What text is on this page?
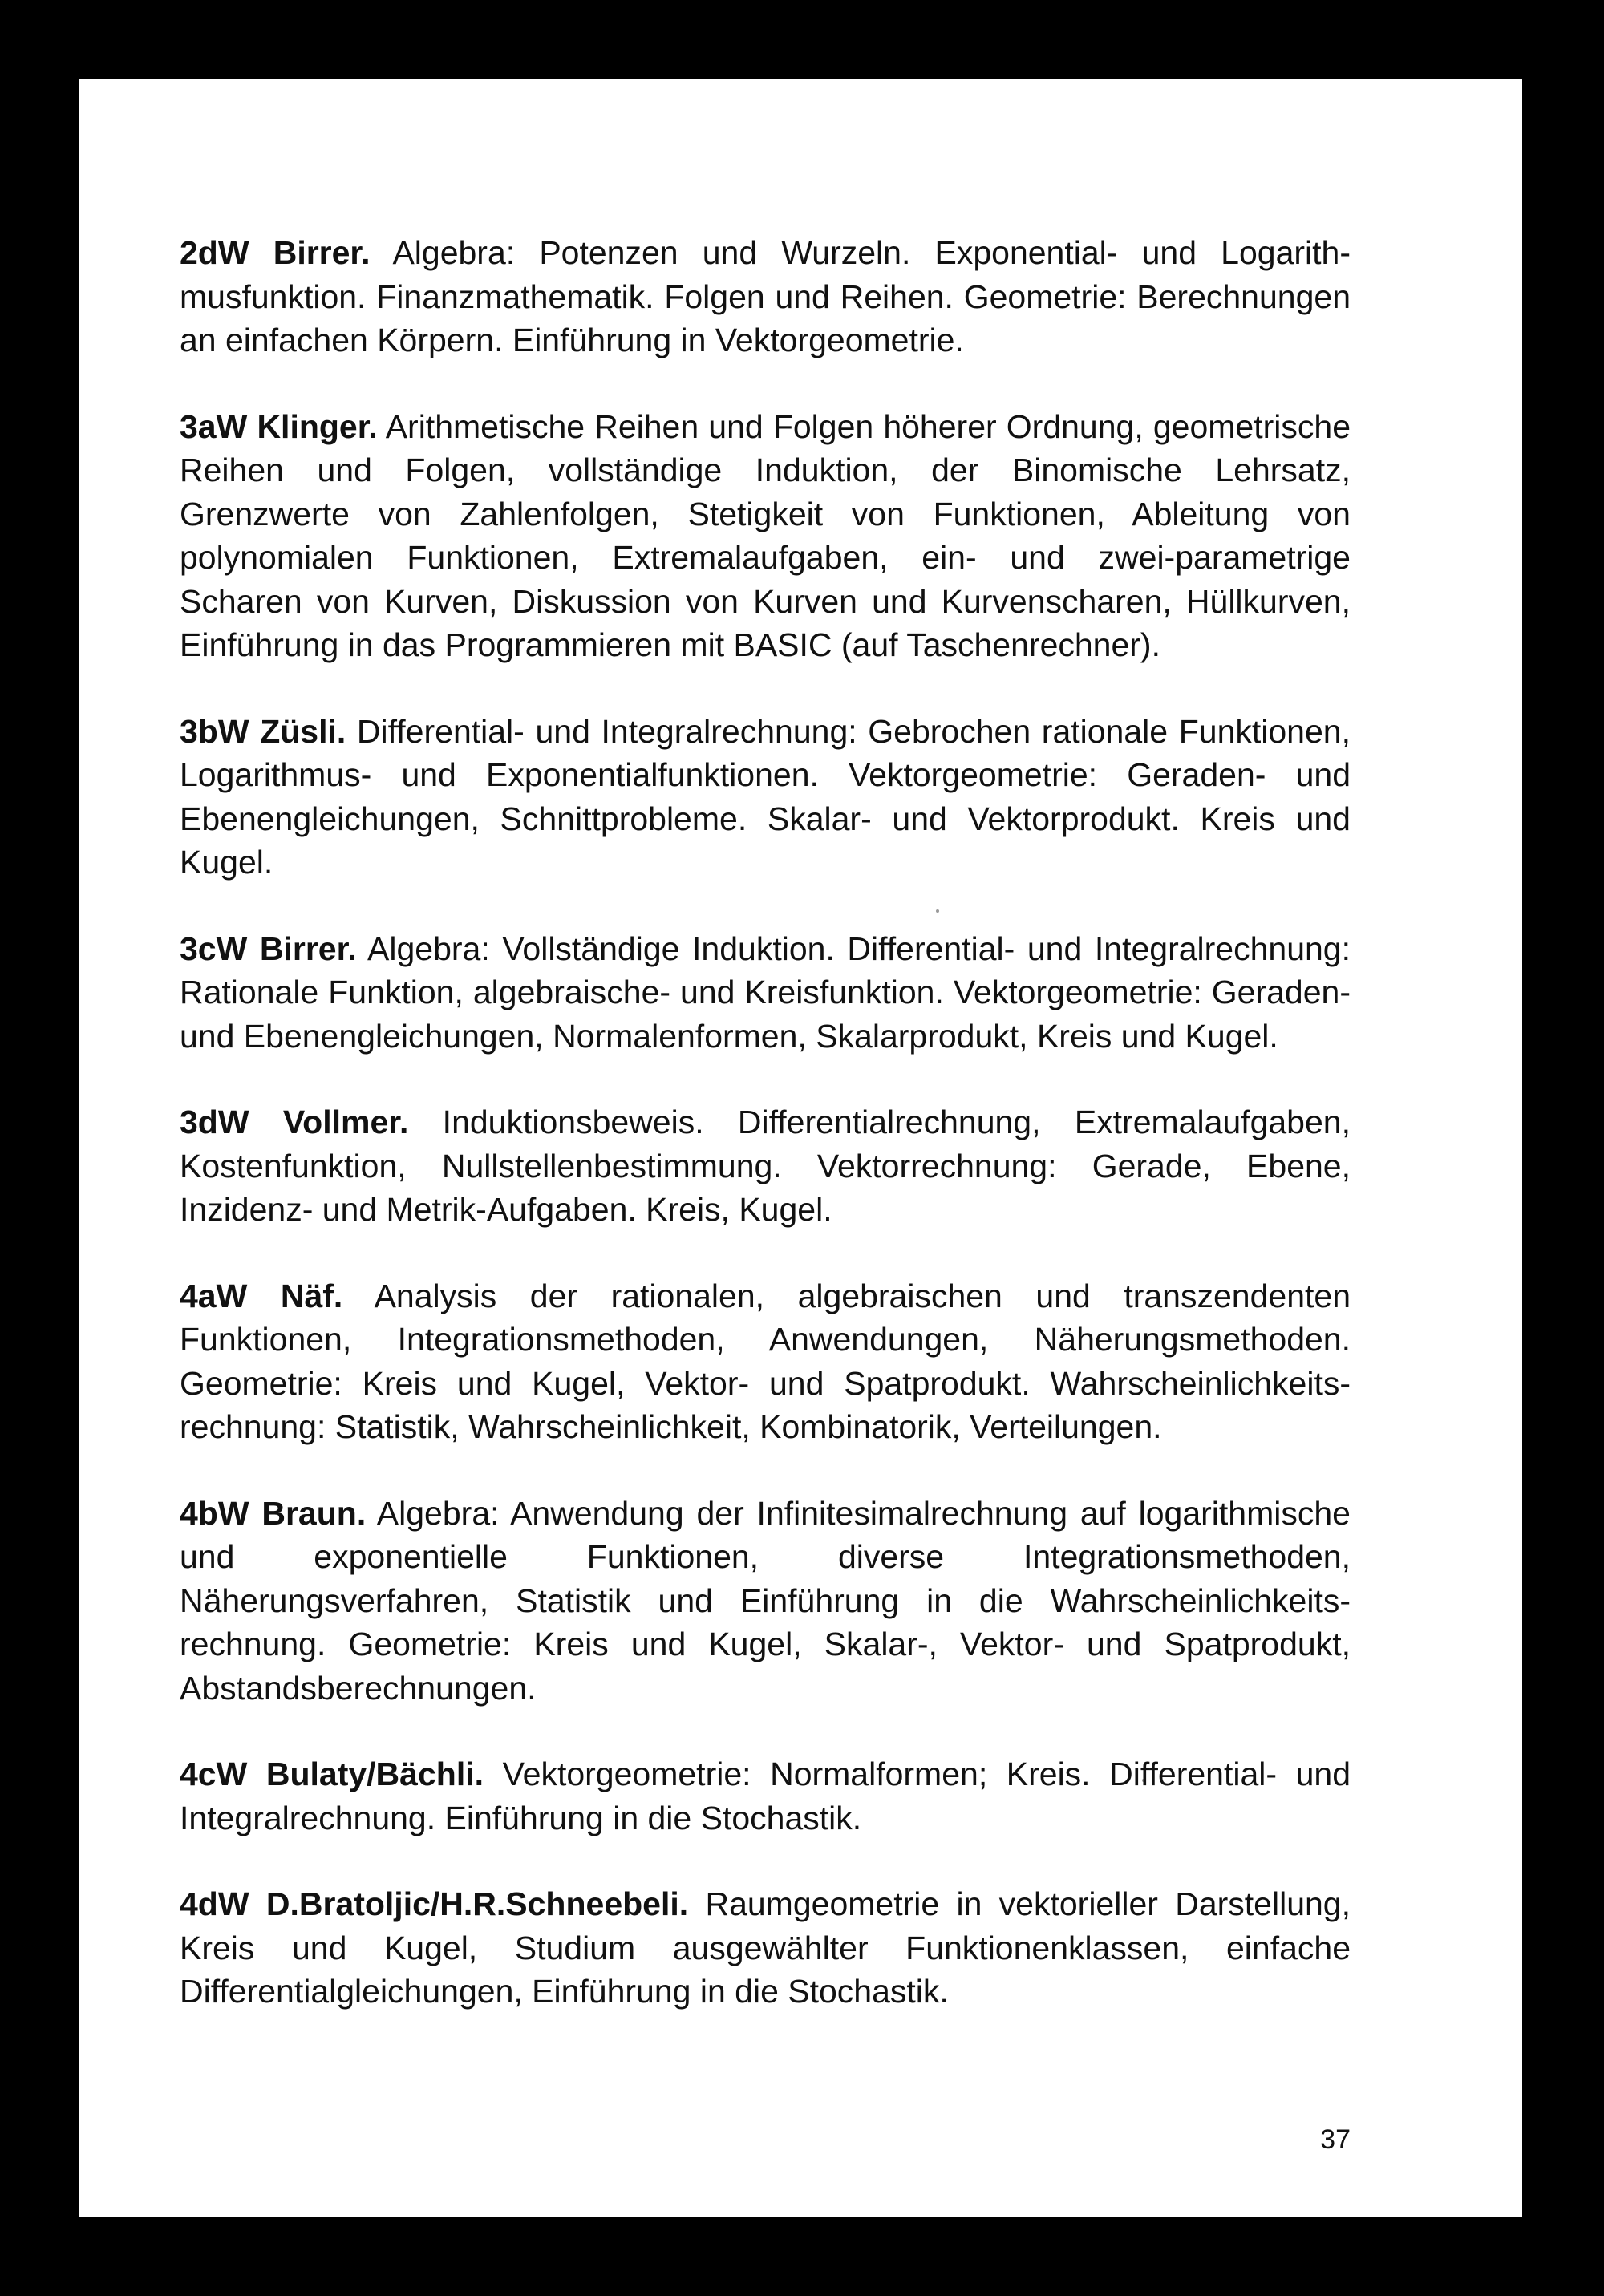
2dW Birrer. Algebra: Potenzen und Wurzeln. Exponential- und Logarithmusfunktion. Finanzmathematik. Folgen und Reihen. Geometrie: Berechnungen an einfachen Körpern. Einführung in Vektorgeometrie.

3aW Klinger. Arithmetische Reihen und Folgen höherer Ordnung, geometrische Reihen und Folgen, vollständige Induktion, der Binomische Lehrsatz, Grenzwerte von Zahlenfolgen, Stetigkeit von Funktionen, Ableitung von polynomialen Funktionen, Extremalaufgaben, ein- und zwei-parametrige Scharen von Kurven, Diskussion von Kurven und Kurvenscharen, Hüllkurven, Einführung in das Programmieren mit BASIC (auf Taschenrechner).

3bW Züsli. Differential- und Integralrechnung: Gebrochen rationale Funktionen, Logarithmus- und Exponentialfunktionen. Vektorgeometrie: Geraden- und Ebenengleichungen, Schnittprobleme. Skalar- und Vektorprodukt. Kreis und Kugel.

3cW Birrer. Algebra: Vollständige Induktion. Differential- und Integralrechnung: Rationale Funktion, algebraische- und Kreisfunktion. Vektorgeometrie: Geraden- und Ebenengleichungen, Normalenformen, Skalarprodukt, Kreis und Kugel.

3dW Vollmer. Induktionsbeweis. Differentialrechnung, Extremalaufgaben, Kostenfunktion, Nullstellenbestimmung. Vektorrechnung: Gerade, Ebene, Inzidenz- und Metrik-Aufgaben. Kreis, Kugel.

4aW Näf. Analysis der rationalen, algebraischen und transzendenten Funktionen, Integrationsmethoden, Anwendungen, Näherungsmethoden. Geometrie: Kreis und Kugel, Vektor- und Spatprodukt. Wahrscheinlichkeitsrechnung: Statistik, Wahrscheinlichkeit, Kombinatorik, Verteilungen.

4bW Braun. Algebra: Anwendung der Infinitesimalrechnung auf logarithmische und exponentielle Funktionen, diverse Integrationsmethoden, Näherungsverfahren, Statistik und Einführung in die Wahrscheinlichkeitsrechnung. Geometrie: Kreis und Kugel, Skalar-, Vektor- und Spatprodukt, Abstandsberechnungen.

4cW Bulaty/Bächli. Vektorgeometrie: Normalformen; Kreis. Differential- und Integralrechnung. Einführung in die Stochastik.

4dW D.Bratoljic/H.R.Schneebeli. Raumgeometrie in vektorieller Darstellung, Kreis und Kugel, Studium ausgewählter Funktionenklassen, einfache Differentialgleichungen, Einführung in die Stochastik.

37
